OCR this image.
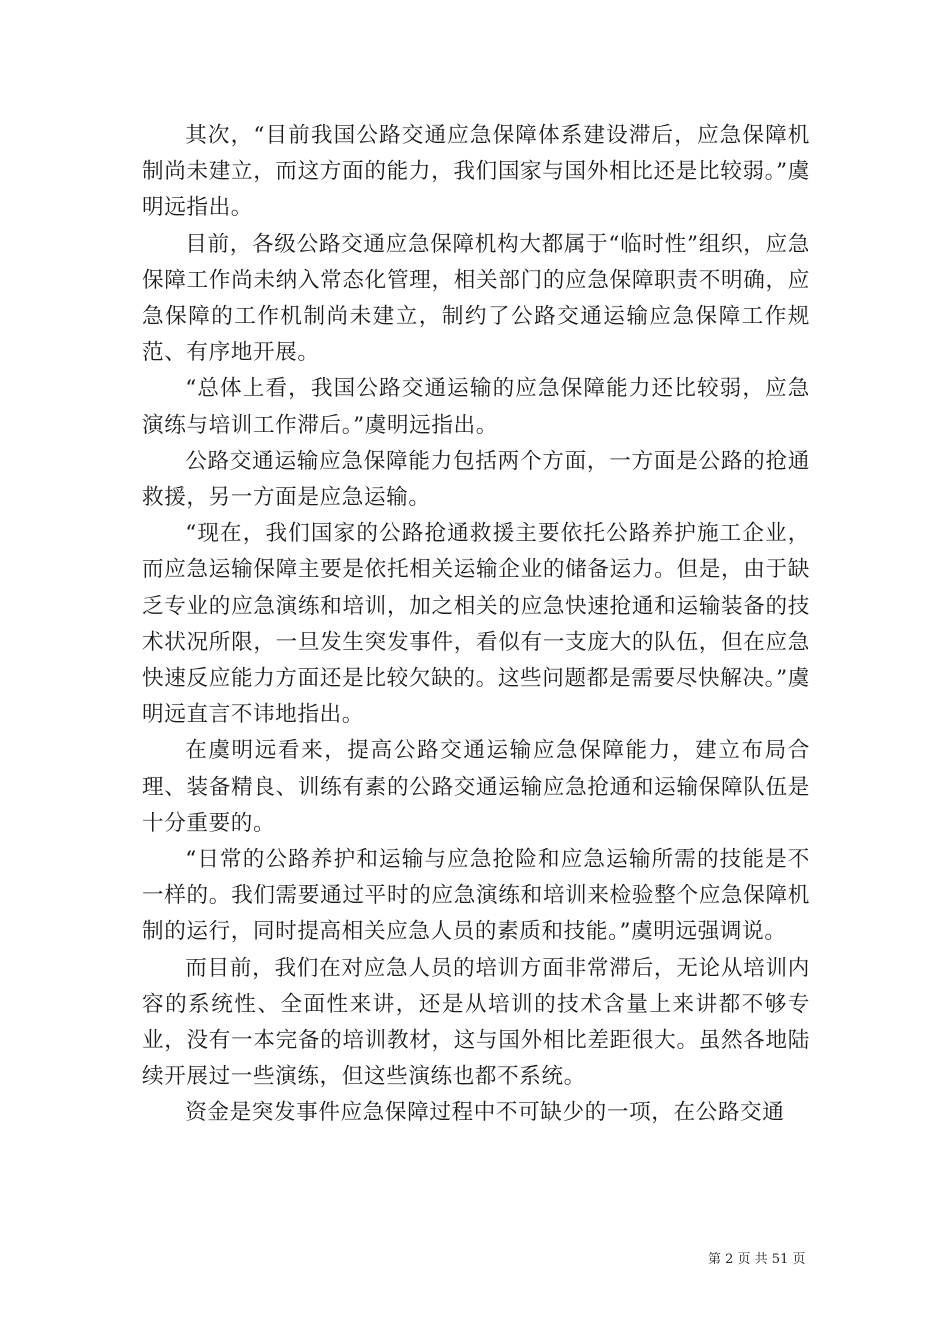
其次，“目前我国公路交通应急保障体系建设滞后，应急保障机制尚未建立，而这方面的能力，我们国家与国外相比还是比较弱。”虞明远指出。

目前，各级公路交通应急保障机构大都属于“临时性”组织，应急保障工作尚未纳入常态化管理，相关部门的应急保障职责不明确，应急保障的工作机制尚未建立，制约了公路交通运输应急保障工作规范、有序地开展。

“总体上看，我国公路交通运输的应急保障能力还比较弱，应急演练与培训工作滞后。”虞明远指出。

公路交通运输应急保障能力包括两个方面，一方面是公路的抢通救援，另一方面是应急运输。

“现在，我们国家的公路抢通救援主要依托公路养护施工企业，而应急运输保障主要是依托相关运输企业的储备运力。但是，由于缺乏专业的应急演练和培训，加之相关的应急快速抢通和运输装备的技术状况所限，一旦发生突发事件，看似有一支庞大的队伍，但在应急快速反应能力方面还是比较欠缺的。这些问题都是需要尽快解决。”虞明远直言不讳地指出。

在虞明远看来，提高公路交通运输应急保障能力，建立布局合理、装备精良、训练有素的公路交通运输应急抢通和运输保障队伍是十分重要的。

“日常的公路养护和运输与应急抢险和应急运输所需的技能是不一样的。我们需要通过平时的应急演练和培训来检验整个应急保障机制的运行，同时提高相关应急人员的素质和技能。”虞明远强调说。

而目前，我们在对应急人员的培训方面非常滞后，无论从培训内容的系统性、全面性来讲，还是从培训的技术含量上来讲都不够专业，没有一本完备的培训教材，这与国外相比差距很大。虽然各地陆续开展过一些演练，但这些演练也都不系统。

资金是突发事件应急保障过程中不可缺少的一项，在公路交通

第 2 页 共 51 页
